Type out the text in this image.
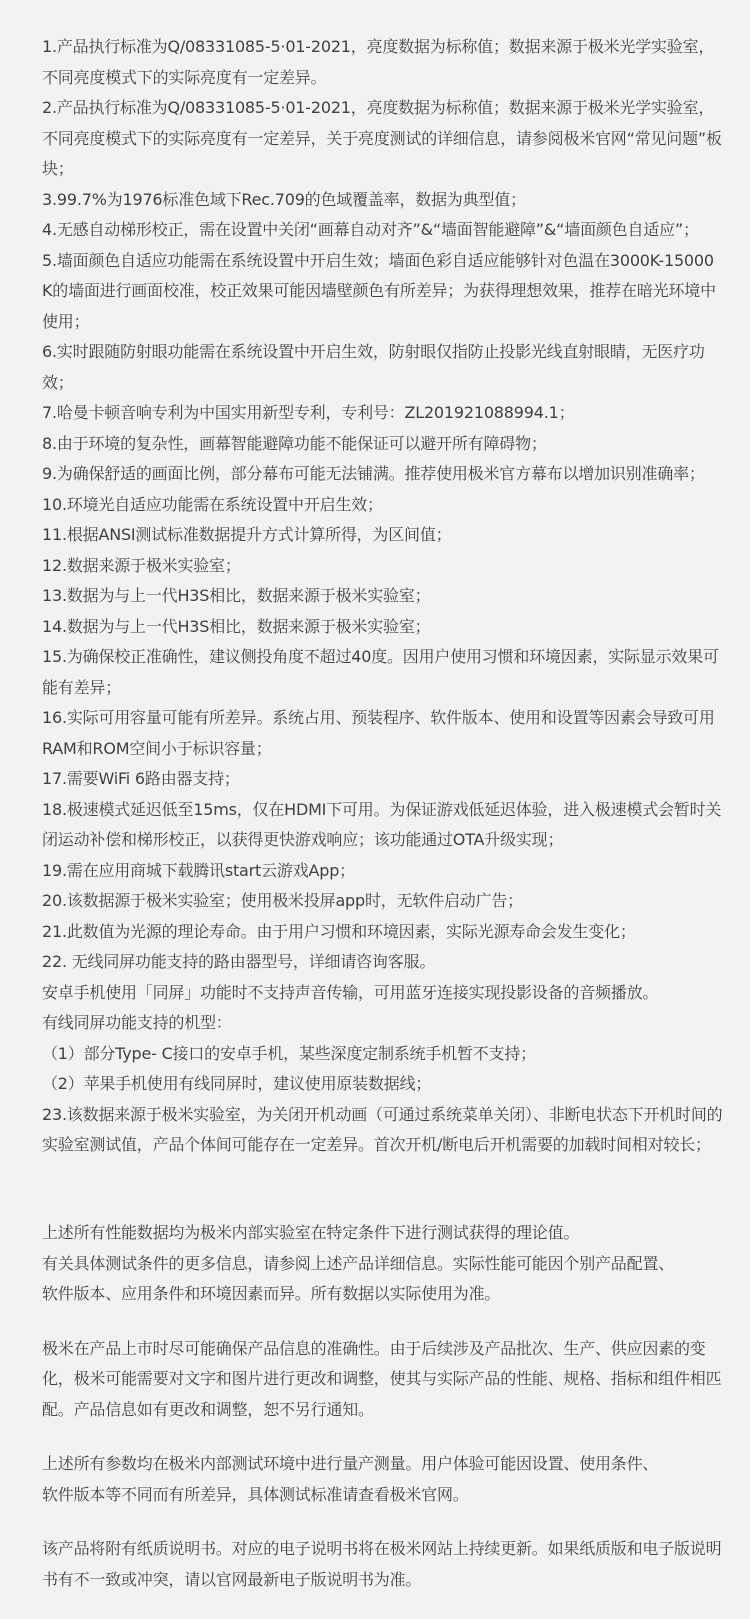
1.产品执行标准为Q/08331085-5·01-2021，亮度数据为标称值；数据来源于极米光学实验室，不同亮度模式下的实际亮度有一定差异。

2.产品执行标准为Q/08331085-5·01-2021，亮度数据为标称值；数据来源于极米光学实验室，不同亮度模式下的实际亮度有一定差异，关于亮度测试的详细信息，请参阅极米官网“常见问题”板块；

3.99.7%为1976标准色域下Rec.709的色域覆盖率，数据为典型值；

4.无感自动梯形校正，需在设置中关闭“画幕自动对齐”&“墙面智能避障”&“墙面颜色自适应”；

5.墙面颜色自适应功能需在系统设置中开启生效；墙面色彩自适应能够针对色温在3000K-15000K的墙面进行画面校准，校正效果可能因墙壁颜色有所差异；为获得理想效果，推荐在暗光环境中使用；

6.实时跟随防射眼功能需在系统设置中开启生效，防射眼仅指防止投影光线直射眼睛，无医疗功效；

7.哈曼卡顿音响专利为中国实用新型专利，专利号：ZL201921088994.1；

8.由于环境的复杂性，画幕智能避障功能不能保证可以避开所有障碍物；

9.为确保舒适的画面比例，部分幕布可能无法铺满。推荐使用极米官方幕布以增加识别准确率；

10.环境光自适应功能需在系统设置中开启生效；

11.根据ANSI测试标准数据提升方式计算所得，为区间值；

12.数据来源于极米实验室；

13.数据为与上一代H3S相比，数据来源于极米实验室；

14.数据为与上一代H3S相比，数据来源于极米实验室；

15.为确保校正准确性，建议侧投角度不超过40度。因用户使用习惯和环境因素，实际显示效果可能有差异；

16.实际可用容量可能有所差异。系统占用、预装程序、软件版本、使用和设置等因素会导致可用RAM和ROM空间小于标识容量；

17.需要WiFi 6路由器支持；

18.极速模式延迟低至15ms，仅在HDMI下可用。为保证游戏低延迟体验，进入极速模式会暂时关闭运动补偿和梯形校正，以获得更快游戏响应；该功能通过OTA升级实现；

19.需在应用商城下载腾讯start云游戏App；

20.该数据源于极米实验室；使用极米投屏app时，无软件启动广告；

21.此数值为光源的理论寿命。由于用户习惯和环境因素，实际光源寿命会发生变化；

22. 无线同屏功能支持的路由器型号，详细请咨询客服。

安卓手机使用「同屏」功能时不支持声音传输，可用蓝牙连接实现投影设备的音频播放。

有线同屏功能支持的机型：

（1）部分Type- C接口的安卓手机，某些深度定制系统手机暂不支持；

（2）苹果手机使用有线同屏时，建议使用原装数据线；

23.该数据来源于极米实验室，为关闭开机动画（可通过系统菜单关闭）、非断电状态下开机时间的实验室测试值，产品个体间可能存在一定差异。首次开机/断电后开机需要的加载时间相对较长；

上述所有性能数据均为极米内部实验室在特定条件下进行测试获得的理论值。
有关具体测试条件的更多信息，请参阅上述产品详细信息。实际性能可能因个别产品配置、
软件版本、应用条件和环境因素而异。所有数据以实际使用为准。

极米在产品上市时尽可能确保产品信息的准确性。由于后续涉及产品批次、生产、供应因素的变化，极米可能需要对文字和图片进行更改和调整，使其与实际产品的性能、规格、指标和组件相匹配。产品信息如有更改和调整，恕不另行通知。

上述所有参数均在极米内部测试环境中进行量产测量。用户体验可能因设置、使用条件、
软件版本等不同而有所差异，具体测试标准请查看极米官网。

该产品将附有纸质说明书。对应的电子说明书将在极米网站上持续更新。如果纸质版和电子版说明书有不一致或冲突，请以官网最新电子版说明书为准。
